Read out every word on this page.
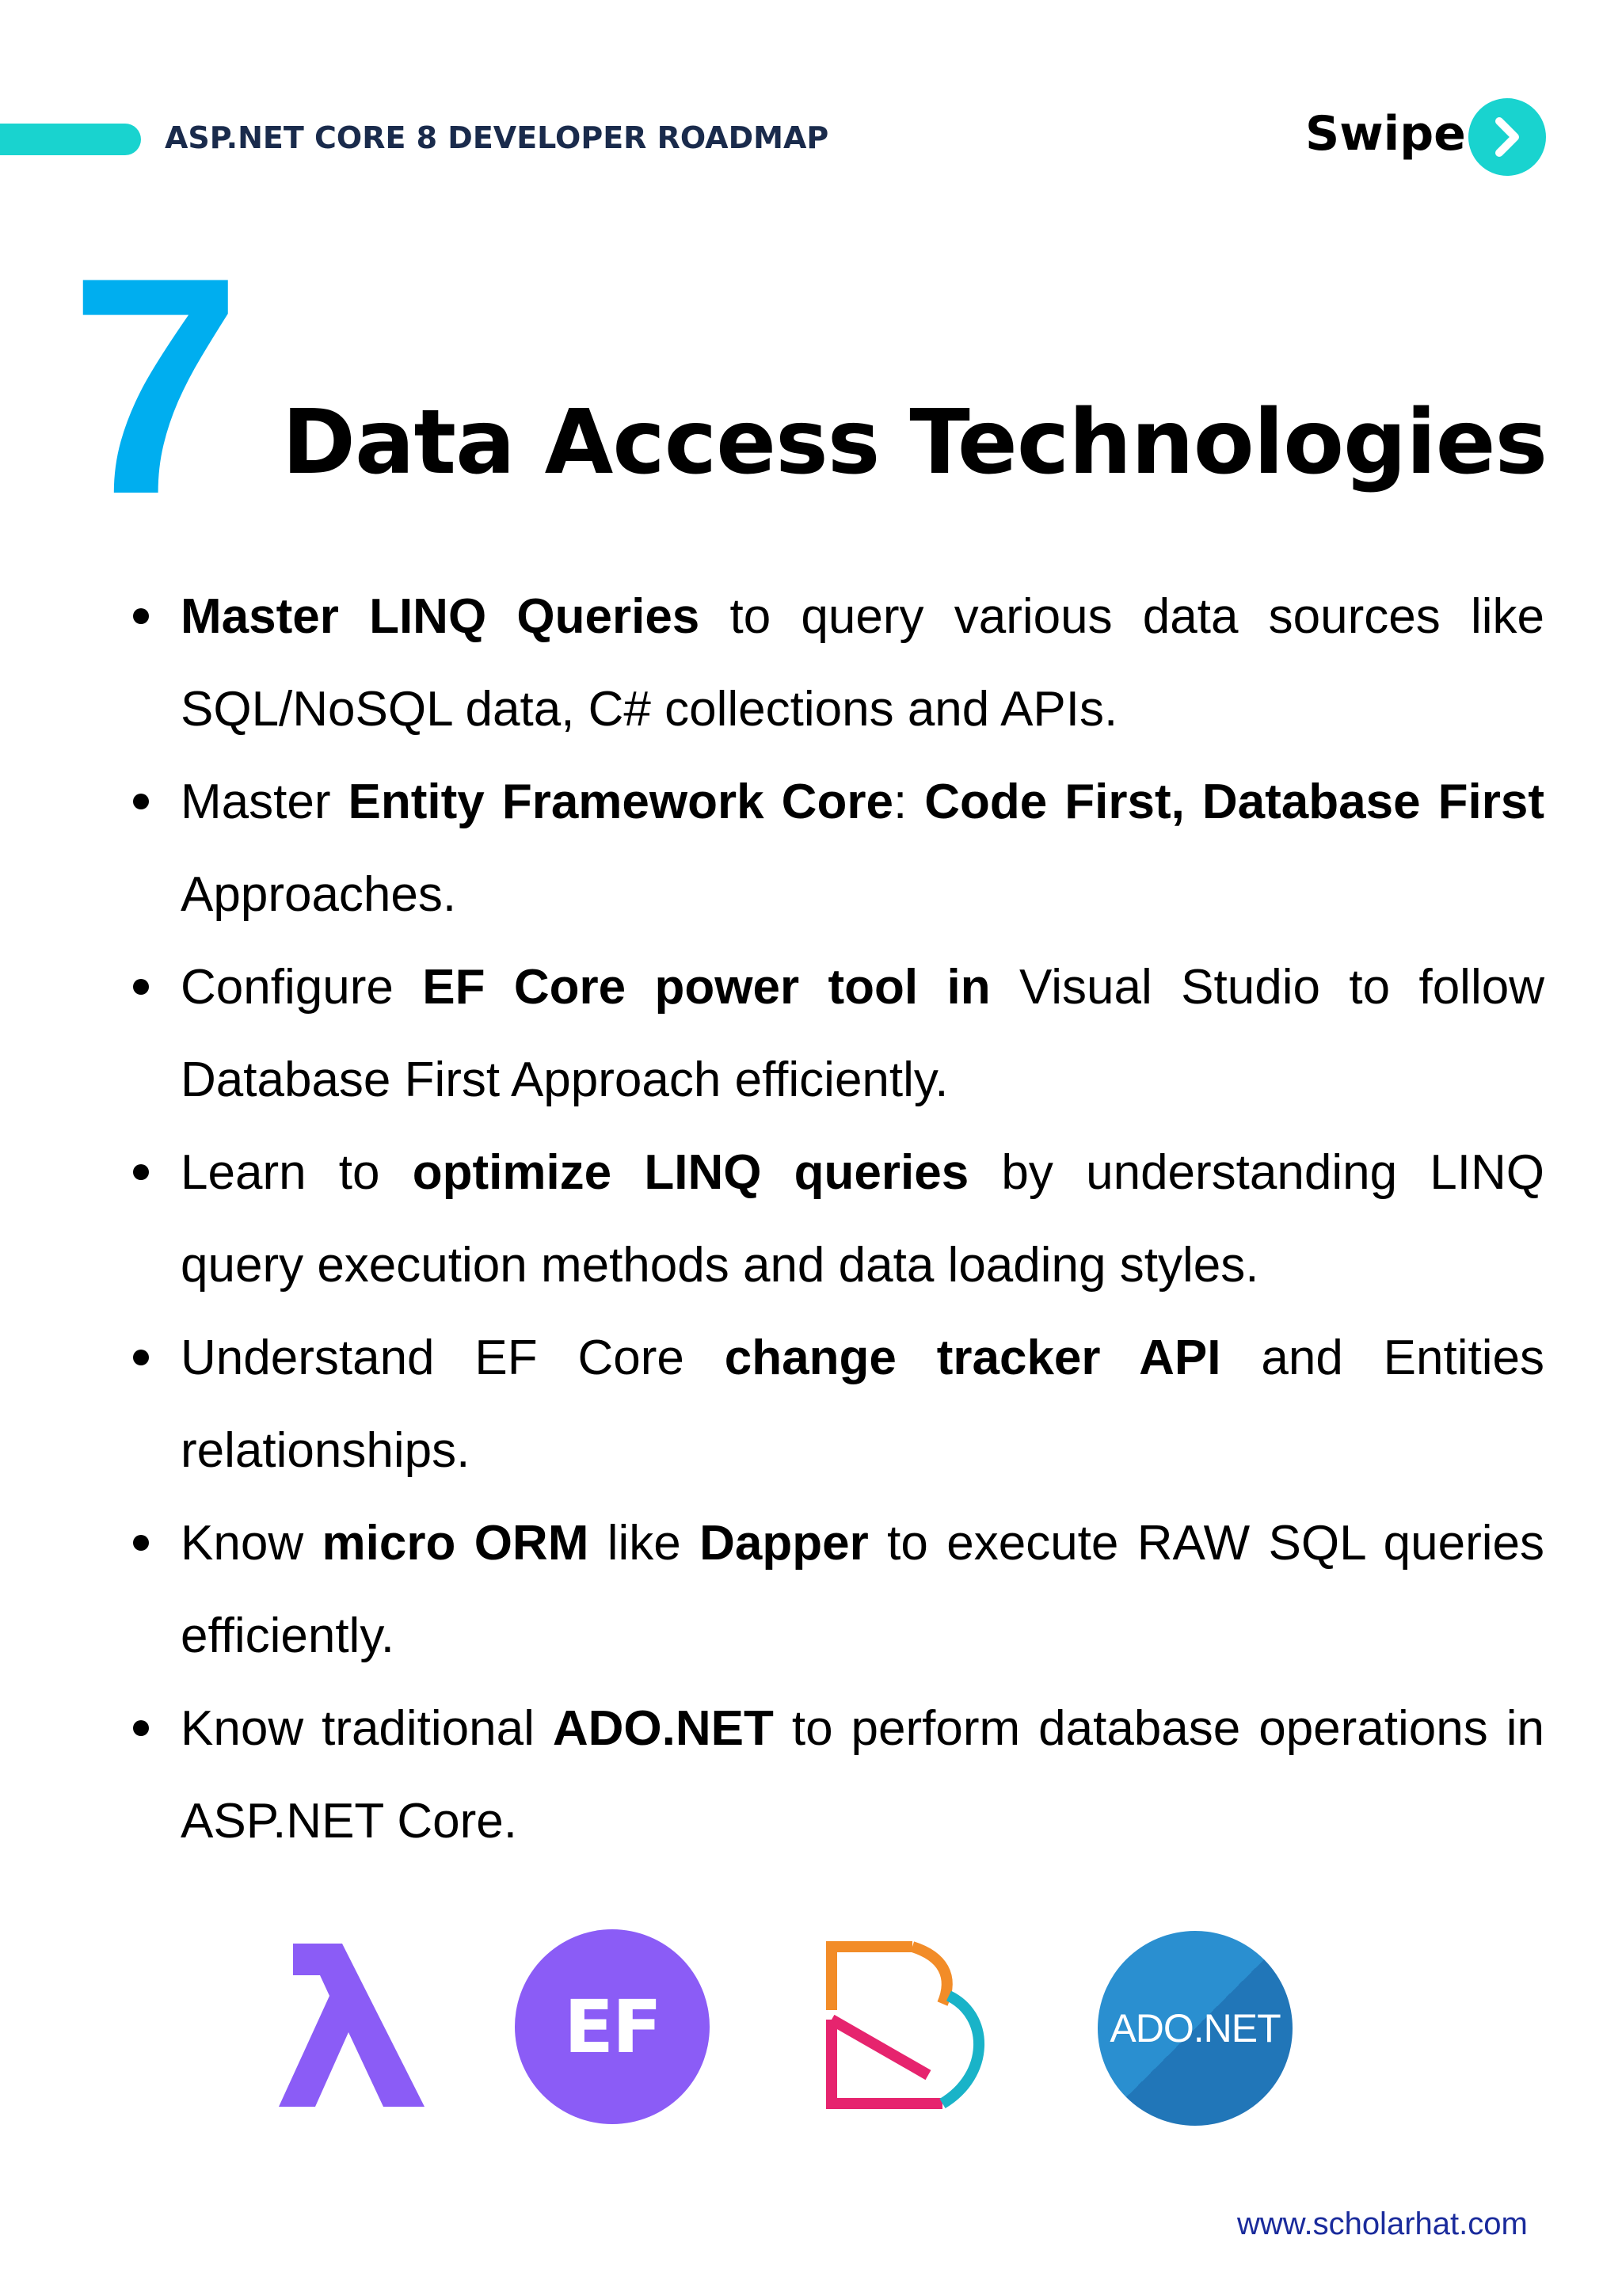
ASP.NET CORE 8 DEVELOPER ROADMAP	Swipe
7 Data Access Technologies
Master LINQ Queries to query various data sources like SQL/NoSQL data, C# collections and APIs.
Master Entity Framework Core: Code First, Database First Approaches.
Configure EF Core power tool in Visual Studio to follow Database First Approach efficiently.
Learn to optimize LINQ queries by understanding LINQ query execution methods and data loading styles.
Understand EF Core change tracker API and Entities relationships.
Know micro ORM like Dapper to execute RAW SQL queries efficiently.
Know traditional ADO.NET to perform database operations in ASP.NET Core.
EF	ADO.NET
www.scholarhat.com
